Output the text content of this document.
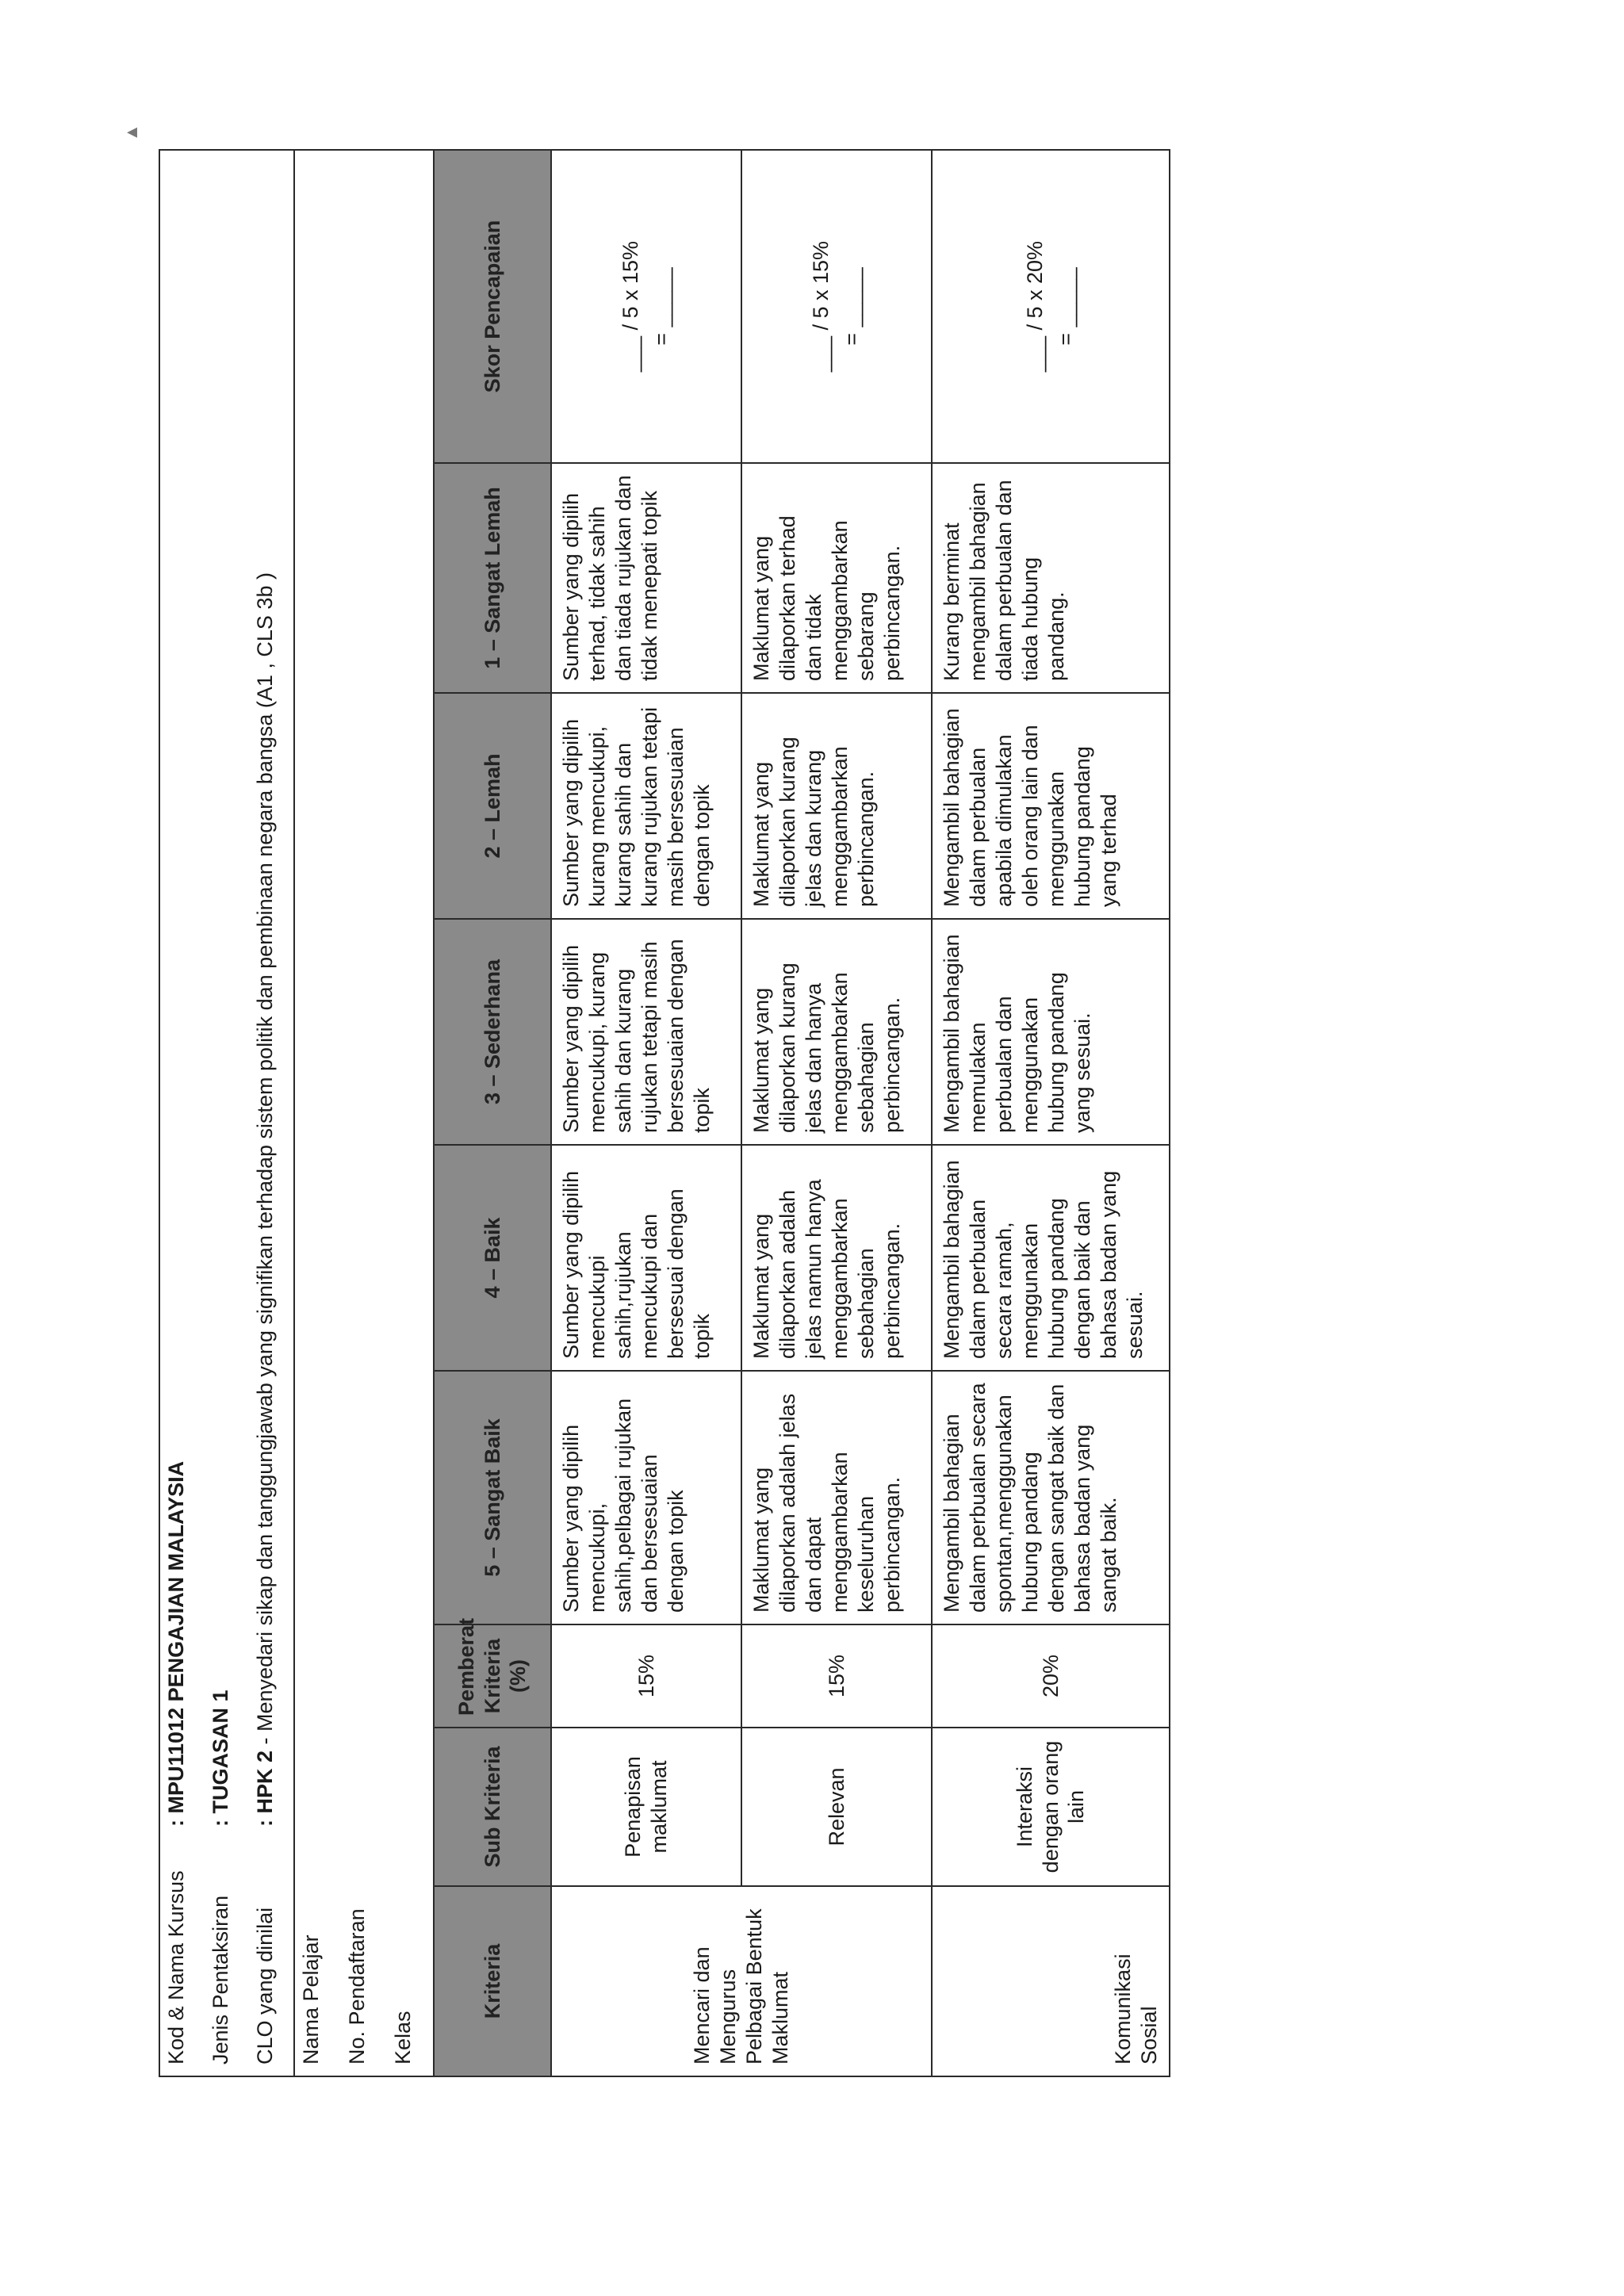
◂
Kod & Nama Kursus	: MPU11012 PENGAJIAN MALAYSIA
Jenis Pentaksiran	: TUGASAN 1
CLO yang dinilai	: HPK 2 - Menyedari sikap dan tanggungjawab yang signifikan terhadap sistem politik dan pembinaan negara bangsa (A1 , CLS 3b )
Nama Pelajar	
No. Pendaftaran	
Kelas	
Kriteria	Sub Kriteria	Pemberat Kriteria (%)	5 – Sangat Baik	4 – Baik	3 – Sederhana	2 – Lemah	1 – Sangat Lemah	Skor Pencapaian
Mencari dan Mengurus Pelbagai Bentuk Maklumat	Penapisan maklumat	15%	Sumber yang dipilih mencukupi, sahih,pelbagai rujukan dan bersesuaian dengan topik	Sumber yang dipilih mencukupi sahih,rujukan mencukupi dan bersesuai dengan topik	Sumber yang dipilih mencukupi, kurang sahih dan kurang rujukan tetapi masih bersesuaian dengan topik	Sumber yang dipilih kurang mencukupi, kurang sahih dan kurang rujukan tetapi masih bersesuaian dengan topik	Sumber yang dipilih terhad, tidak sahih dan tiada rujukan dan tidak menepati topik	___ / 5 x 15% = _____

	Relevan	15%	Maklumat yang dilaporkan adalah jelas dan dapat menggambarkan keseluruhan perbincangan.	Maklumat yang dilaporkan adalah jelas namun hanya menggambarkan sebahagian perbincangan.	Maklumat yang dilaporkan kurang jelas dan hanya menggambarkan sebahagian perbincangan.	Maklumat yang dilaporkan kurang jelas dan kurang menggambarkan perbincangan.	Maklumat yang dilaporkan terhad dan tidak menggambarkan sebarang perbincangan.	___ / 5 x 15% = _____

Komunikasi Sosial	Interaksi dengan orang lain	20%	Mengambil bahagian dalam perbualan secara spontan,menggunakan hubung pandang dengan sangat baik dan bahasa badan yang sangat baik.	Mengambil bahagian dalam perbualan secara ramah, menggunakan hubung pandang dengan baik dan bahasa badan yang sesuai.	Mengambil bahagian memulakan perbualan dan menggunakan hubung pandang yang sesuai.	Mengambil bahagian dalam perbualan apabila dimulakan oleh orang lain dan menggunakan hubung pandang yang terhad	Kurang berminat mengambil bahagian dalam perbualan dan tiada hubung pandang.	___ / 5 x 20% = _____
